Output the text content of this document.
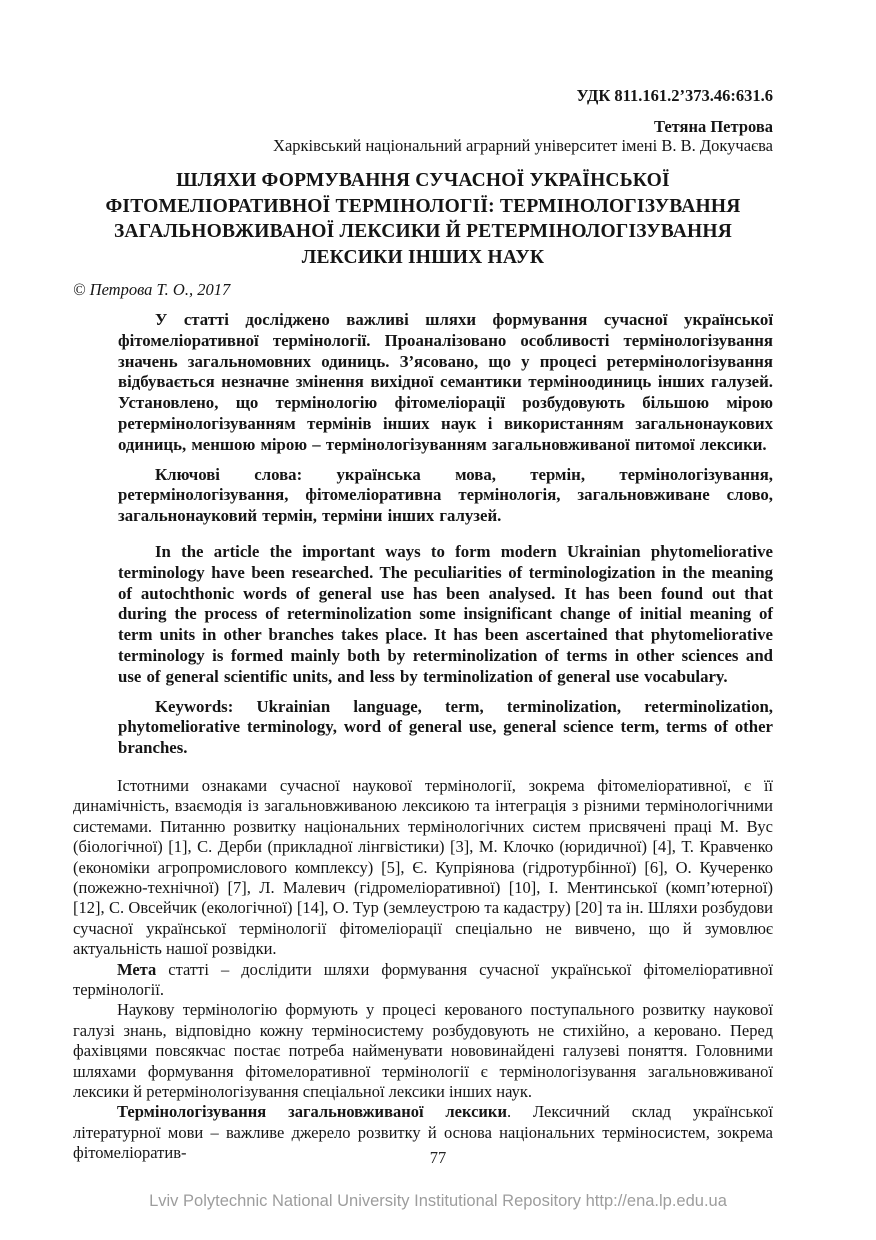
УДК 811.161.2’373.46:631.6
Тетяна Петрова
Харківський національний аграрний університет імені В. В. Докучаєва
ШЛЯХИ ФОРМУВАННЯ СУЧАСНОЇ УКРАЇНСЬКОЇ
ФІТОМЕЛІОРАТИВНОЇ ТЕРМІНОЛОГІЇ: ТЕРМІНОЛОГІЗУВАННЯ
ЗАГАЛЬНОВЖИВАНОЇ ЛЕКСИКИ Й РЕТЕРМІНОЛОГІЗУВАННЯ
ЛЕКСИКИ ІНШИХ НАУК
© Петрова Т. О., 2017
У статті досліджено важливі шляхи формування сучасної української фітомеліоративної термінології. Проаналізовано особливості термінологізування значень загальномовних одиниць. З’ясовано, що у процесі ретермінологізування відбувається незначне змінення вихідної семантики терміноодиниць інших галузей. Установлено, що термінологію фітомеліорації розбудовують більшою мірою ретермінологізуванням термінів інших наук і використанням загальнонаукових одиниць, меншою мірою – термінологізуванням загальновживаної питомої лексики.
Ключові слова: українська мова, термін, термінологізування, ретермінологізування, фітомеліоративна термінологія, загальновживане слово, загальнонауковий термін, терміни інших галузей.
In the article the important ways to form modern Ukrainian phytomeliorative terminology have been researched. The peculiarities of terminologization in the meaning of autochthonic words of general use has been analysed. It has been found out that during the process of reterminolization some insignificant change of initial meaning of term units in other branches takes place. It has been ascertained that phytomeliorative terminology is formed mainly both by reterminolization of terms in other sciences and use of general scientific units, and less by terminolization of general use vocabulary.
Keywords: Ukrainian language, term, terminolization, reterminolization, phytomeliorative terminology, word of general use, general science term, terms of other branches.

Істотними ознаками сучасної наукової термінології, зокрема фітомеліоративної, є її динамічність, взаємодія із загальновживаною лексикою та інтеграція з різними термінологічними системами. Питанню розвитку національних термінологічних систем присвячені праці М. Вус (біологічної) [1], С. Дерби (прикладної лінгвістики) [3], М. Клочко (юридичної) [4], Т. Кравченко (економіки агропромислового комплексу) [5], Є. Купріянова (гідротурбінної) [6], О. Кучеренко (пожежно-технічної) [7], Л. Малевич (гідромеліоративної) [10], І. Ментинської (комп’ютерної) [12], С. Овсейчик (екологічної) [14], О. Тур (землеустрою та кадастру) [20] та ін. Шляхи розбудови сучасної української термінології фітомеліорації спеціально не вивчено, що й зумовлює актуальність нашої розвідки.

Мета статті – дослідити шляхи формування сучасної української фітомеліоративної термінології.

Наукову термінологію формують у процесі керованого поступального розвитку наукової галузі знань, відповідно кожну терміносистему розбудовують не стихійно, а керовано. Перед фахівцями повсякчас постає потреба найменувати нововинайдені галузеві поняття. Головними шляхами формування фітомелоративної термінології є термінологізування загальновживаної лексики й ретермінологізування спеціальної лексики інших наук.

Термінологізування загальновживаної лексики. Лексичний склад української літературної мови – важливе джерело розвитку й основа національних терміносистем, зокрема фітомеліоратив-	77
Lviv Polytechnic National University Institutional Repository http://ena.lp.edu.ua
